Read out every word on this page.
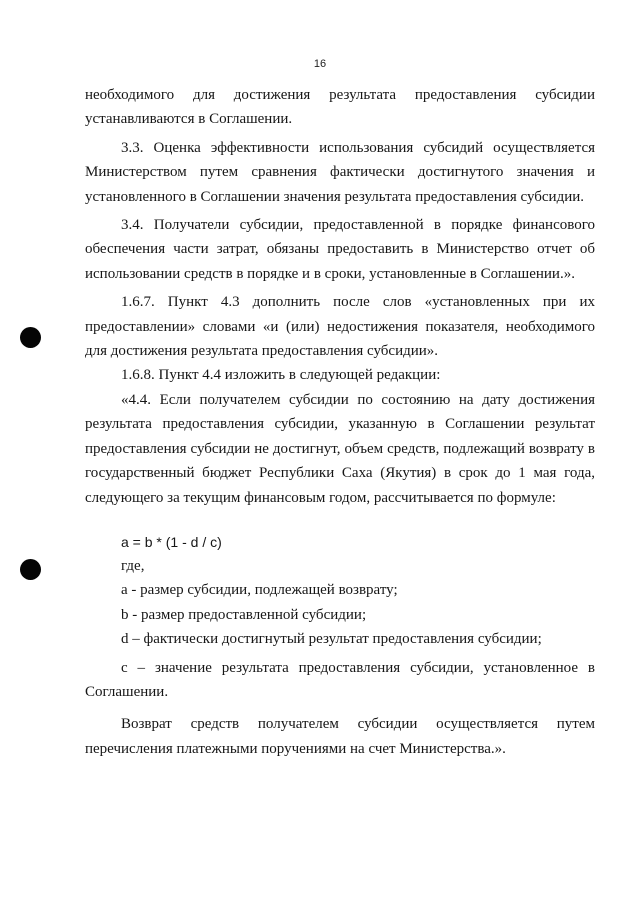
16

необходимого для достижения результата предоставления субсидии устанавливаются в Соглашении.

3.3. Оценка эффективности использования субсидий осуществляется Министерством путем сравнения фактически достигнутого значения и установленного в Соглашении значения результата предоставления субсидии.

3.4. Получатели субсидии, предоставленной в порядке финансового обеспечения части затрат, обязаны предоставить в Министерство отчет об использовании средств в порядке и в сроки, установленные в Соглашении.».

1.6.7. Пункт 4.3 дополнить после слов «установленных при их предоставлении» словами «и (или) недостижения показателя, необходимого для достижения результата предоставления субсидии».

1.6.8. Пункт 4.4 изложить в следующей редакции:

«4.4. Если получателем субсидии по состоянию на дату достижения результата предоставления субсидии, указанную в Соглашении результат предоставления субсидии не достигнут, объем средств, подлежащий возврату в государственный бюджет Республики Саха (Якутия) в срок до 1 мая года, следующего за текущим финансовым годом, рассчитывается по формуле:

a = b * (1 - d / c)

где,

a - размер субсидии, подлежащей возврату;

b - размер предоставленной субсидии;

d – фактически достигнутый результат предоставления субсидии;

c – значение результата предоставления субсидии, установленное в Соглашении.

Возврат средств получателем субсидии осуществляется путем перечисления платежными поручениями на счет Министерства.».
